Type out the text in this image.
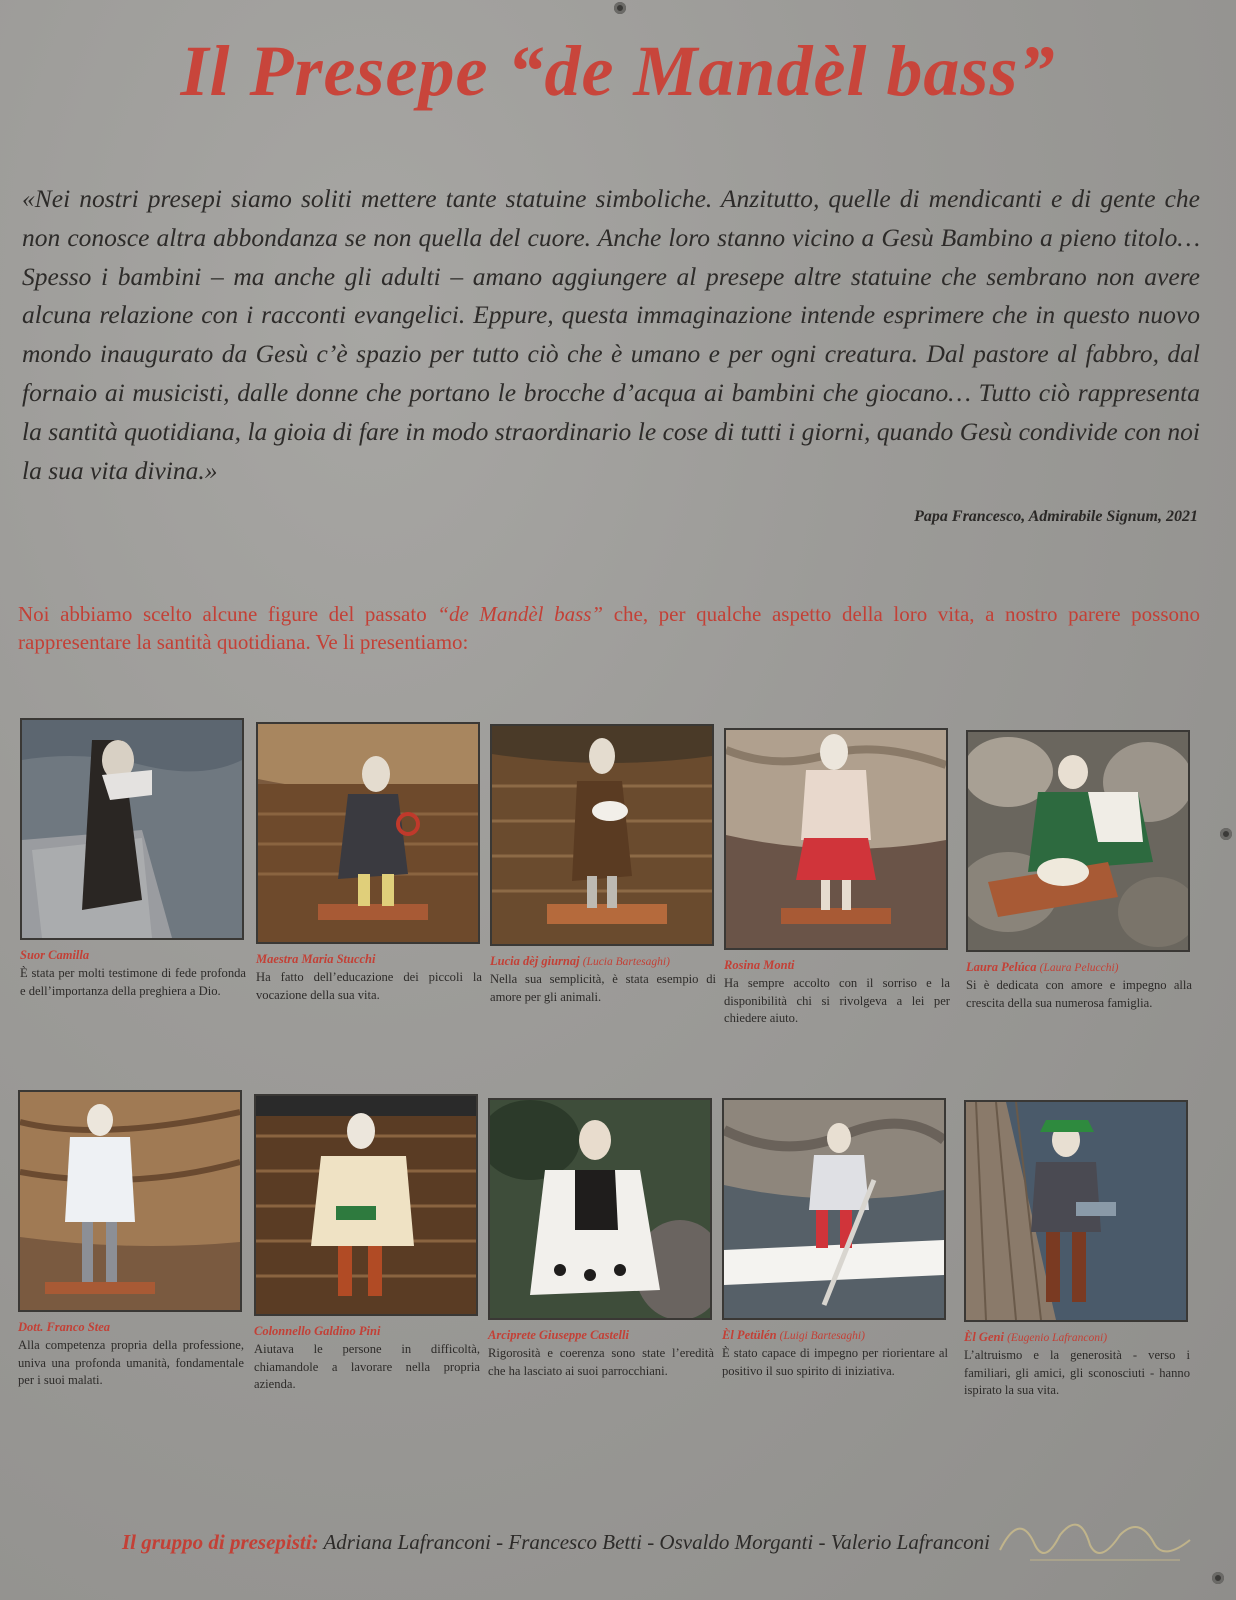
Il Presepe “de Mandèl bass”

«Nei nostri presepi siamo soliti mettere tante statuine simboliche. Anzitutto, quelle di mendicanti e di gente che non conosce altra abbondanza se non quella del cuore. Anche loro stanno vicino a Gesù Bambino a pieno titolo… Spesso i bambini – ma anche gli adulti – amano aggiungere al presepe altre statuine che sembrano non avere alcuna relazione con i racconti evangelici. Eppure, questa immaginazione intende esprimere che in questo nuovo mondo inaugurato da Gesù c’è spazio per tutto ciò che è umano e per ogni creatura. Dal pastore al fabbro, dal fornaio ai musicisti, dalle donne che portano le brocche d’acqua ai bambini che giocano… Tutto ciò rappresenta la santità quotidiana, la gioia di fare in modo straordinario le cose di tutti i giorni, quando Gesù condivide con noi la sua vita divina.»

Papa Francesco, Admirabile Signum, 2021

Noi abbiamo scelto alcune figure del passato “de Mandèl bass” che, per qualche aspetto della loro vita, a nostro parere possono rappresentare la santità quotidiana. Ve li presentiamo:

Suor Camilla
È stata per molti testimone di fede profonda e dell’importanza della preghiera a Dio.
Maestra Maria Stucchi
Ha fatto dell’educazione dei piccoli la vocazione della sua vita.
Lucia dèj giurnaj (Lucia Bartesaghi)
Nella sua semplicità, è stata esempio di amore per gli animali.
Rosina Monti
Ha sempre accolto con il sorriso e la disponibilità chi si rivolgeva a lei per chiedere aiuto.
Laura Pelúca (Laura Pelucchi)
Si è dedicata con amore e impegno alla crescita della sua numerosa famiglia.
Dott. Franco Stea
Alla competenza propria della professione, univa una profonda umanità, fondamentale per i suoi malati.
Colonnello Galdino Pini
Aiutava le persone in difficoltà, chiamandole a lavorare nella propria azienda.
Arciprete Giuseppe Castelli
Rigorosità e coerenza sono state l’eredità che ha lasciato ai suoi parrocchiani.
Èl Petülén (Luigi Bartesaghi)
È stato capace di impegno per riorientare al positivo il suo spirito di iniziativa.
Èl Geni (Eugenio Lafranconi)
L’altruismo e la generosità - verso i familiari, gli amici, gli sconosciuti - hanno ispirato la sua vita.
Il gruppo di presepisti: Adriana Lafranconi - Francesco Betti - Osvaldo Morganti - Valerio Lafranconi
